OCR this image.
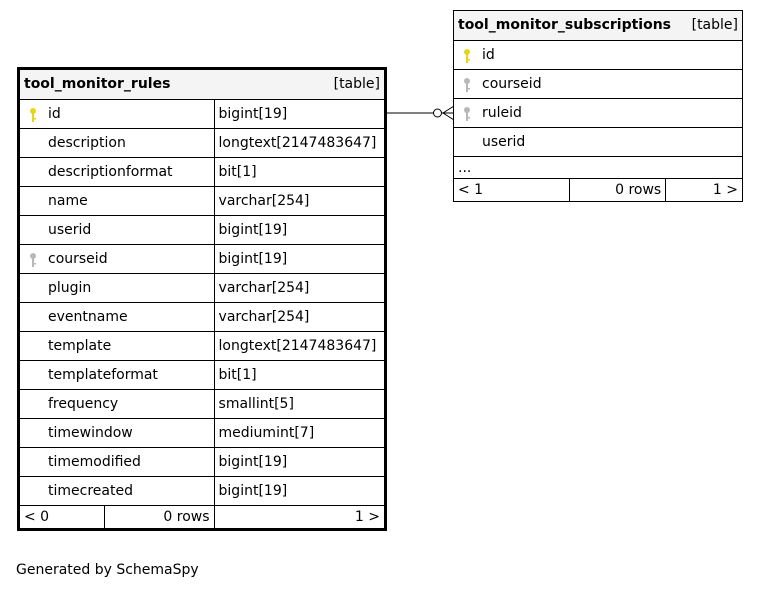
tool_monitor_rules [table]		

id		bigint[19]
description		longtext[2147483647]
descriptionformat		bit[1]
name		varchar[254]
userid		bigint[19]

courseid		bigint[19]
plugin		varchar[254]
eventname		varchar[254]
template		longtext[2147483647]
templateformat		bit[1]
frequency		smallint[5]
timewindow		mediumint[7]
timemodified		bigint[19]
timecreated		bigint[19]
< 0	0 rows	1 >
tool_monitor_subscriptions [table]

id

courseid

ruleid
userid
...
< 1	0 rows	1 >
Generated by SchemaSpy
